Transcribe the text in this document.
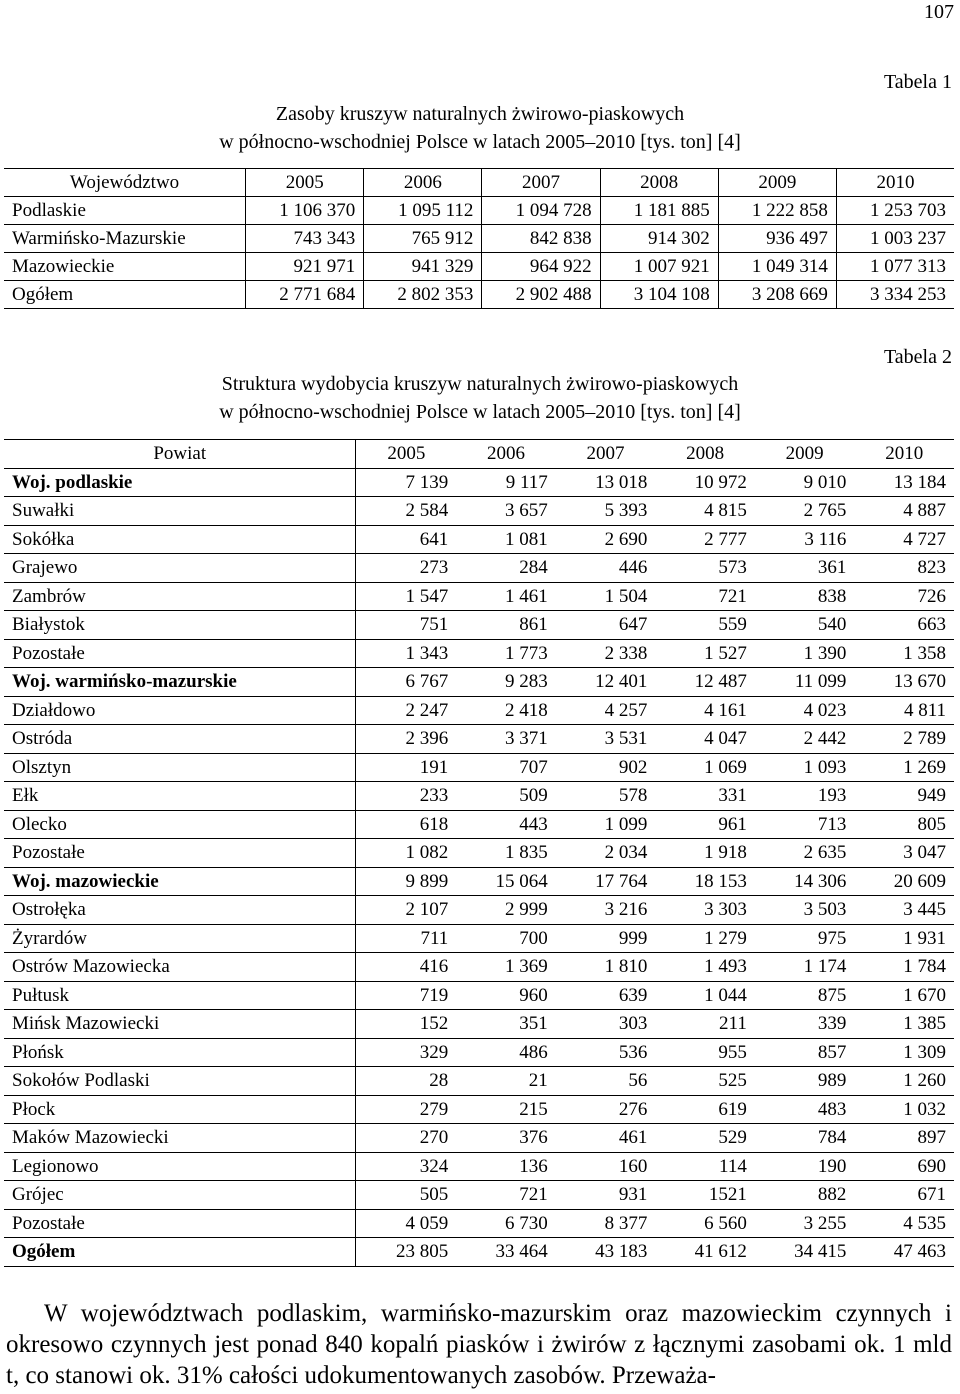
107
Tabela 1
Zasoby kruszyw naturalnych żwirowo-piaskowych
w północno-wschodniej Polsce w latach 2005–2010 [tys. ton] [4]
Województwo	2005	2006	2007	2008	2009	2010
Podlaskie	1 106 370	1 095 112	1 094 728	1 181 885	1 222 858	1 253 703
Warmińsko-Mazurskie	743 343	765 912	842 838	914 302	936 497	1 003 237
Mazowieckie	921 971	941 329	964 922	1 007 921	1 049 314	1 077 313
Ogółem	2 771 684	2 802 353	2 902 488	3 104 108	3 208 669	3 334 253
Tabela 2
Struktura wydobycia kruszyw naturalnych żwirowo-piaskowych
w północno-wschodniej Polsce w latach 2005–2010 [tys. ton] [4]
Powiat	2005	2006	2007	2008	2009	2010
Woj. podlaskie	7 139	9 117	13 018	10 972	9 010	13 184
Suwałki	2 584	3 657	5 393	4 815	2 765	4 887
Sokółka	641	1 081	2 690	2 777	3 116	4 727
Grajewo	273	284	446	573	361	823
Zambrów	1 547	1 461	1 504	721	838	726
Białystok	751	861	647	559	540	663
Pozostałe	1 343	1 773	2 338	1 527	1 390	1 358
Woj. warmińsko-mazurskie	6 767	9 283	12 401	12 487	11 099	13 670
Działdowo	2 247	2 418	4 257	4 161	4 023	4 811
Ostróda	2 396	3 371	3 531	4 047	2 442	2 789
Olsztyn	191	707	902	1 069	1 093	1 269
Ełk	233	509	578	331	193	949
Olecko	618	443	1 099	961	713	805
Pozostałe	1 082	1 835	2 034	1 918	2 635	3 047
Woj. mazowieckie	9 899	15 064	17 764	18 153	14 306	20 609
Ostrołęka	2 107	2 999	3 216	3 303	3 503	3 445
Żyrardów	711	700	999	1 279	975	1 931
Ostrów Mazowiecka	416	1 369	1 810	1 493	1 174	1 784
Pułtusk	719	960	639	1 044	875	1 670
Mińsk Mazowiecki	152	351	303	211	339	1 385
Płońsk	329	486	536	955	857	1 309
Sokołów Podlaski	28	21	56	525	989	1 260
Płock	279	215	276	619	483	1 032
Maków Mazowiecki	270	376	461	529	784	897
Legionowo	324	136	160	114	190	690
Grójec	505	721	931	1521	882	671
Pozostałe	4 059	6 730	8 377	6 560	3 255	4 535
Ogółem	23 805	33 464	43 183	41 612	34 415	47 463
W województwach podlaskim, warmińsko-mazurskim oraz mazowieckim czynnych i okresowo czynnych jest ponad 840 kopalń piasków i żwirów z łącznymi zasobami ok. 1 mld t, co stanowi ok. 31% całości udokumentowanych zasobów. Przeważa-
